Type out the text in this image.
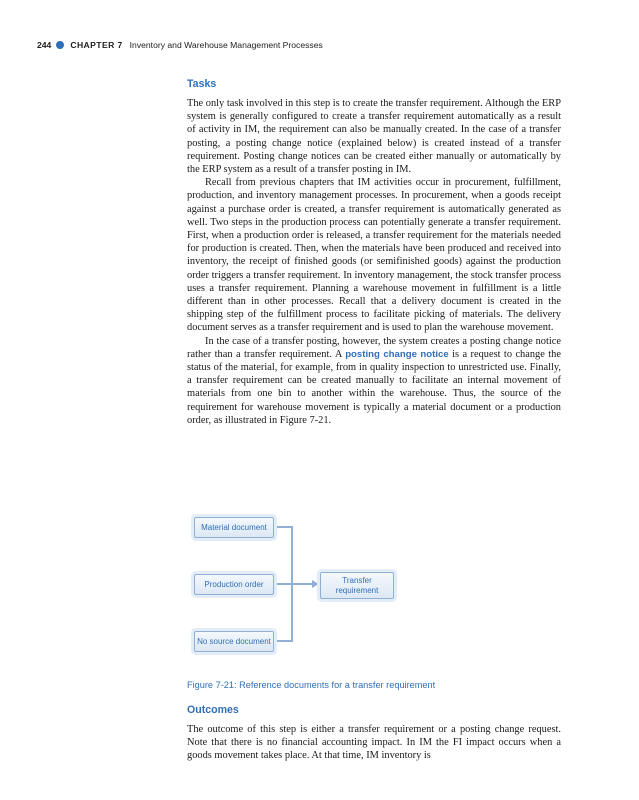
244 CHAPTER 7 Inventory and Warehouse Management Processes
Tasks

The only task involved in this step is to create the transfer requirement. Although the ERP system is generally configured to create a transfer requirement automatically as a result of activity in IM, the requirement can also be manually created. In the case of a transfer posting, a posting change notice (explained below) is created instead of a transfer requirement. Posting change notices can be created either manually or automatically by the ERP system as a result of a transfer posting in IM.

Recall from previous chapters that IM activities occur in procurement, fulfillment, production, and inventory management processes. In procurement, when a goods receipt against a purchase order is created, a transfer requirement is automatically generated as well. Two steps in the production process can potentially generate a transfer requirement. First, when a production order is released, a transfer requirement for the materials needed for production is created. Then, when the materials have been produced and received into inventory, the receipt of finished goods (or semifinished goods) against the production order triggers a transfer requirement. In inventory management, the stock transfer process uses a transfer requirement. Planning a warehouse movement in fulfillment is a little different than in other processes. Recall that a delivery document is created in the shipping step of the fulfillment process to facilitate picking of materials. The delivery document serves as a transfer requirement and is used to plan the warehouse movement.

In the case of a transfer posting, however, the system creates a posting change notice rather than a transfer requirement. A posting change notice is a request to change the status of the material, for example, from in quality inspection to unrestricted use. Finally, a transfer requirement can be created manually to facilitate an internal movement of materials from one bin to another within the warehouse. Thus, the source of the requirement for warehouse movement is typically a material document or a production order, as illustrated in Figure 7-21.

Material document
Production order
No source document
Transfer requirement
Figure 7-21: Reference documents for a transfer requirement
Outcomes

The outcome of this step is either a transfer requirement or a posting change request. Note that there is no financial accounting impact. In IM the FI impact occurs when a goods movement takes place. At that time, IM inventory is
